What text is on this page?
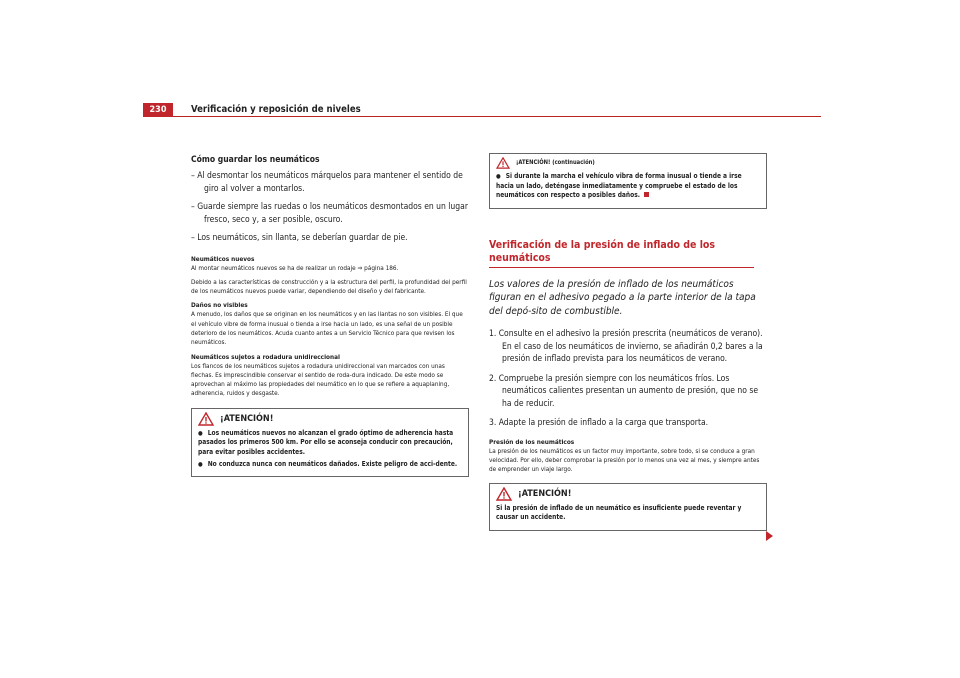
230	Verificación y reposición de niveles

Cómo guardar los neumáticos

– Al desmontar los neumáticos márquelos para mantener el sentido de giro al volver a montarlos.

– Guarde siempre las ruedas o los neumáticos desmontados en un lugar fresco, seco y, a ser posible, oscuro.

– Los neumáticos, sin llanta, se deberían guardar de pie.

Neumáticos nuevos

Al montar neumáticos nuevos se ha de realizar un rodaje ⇒ página 186.

Debido a las características de construcción y a la estructura del perfil, la profundidad del perfil de los neumáticos nuevos puede variar, dependiendo del diseño y del fabricante.

Daños no visibles

A menudo, los daños que se originan en los neumáticos y en las llantas no son visibles. El que el vehículo vibre de forma inusual o tienda a irse hacia un lado, es una señal de un posible deterioro de los neumáticos. Acuda cuanto antes a un Servicio Técnico para que revisen los neumáticos.

Neumáticos sujetos a rodadura unidireccional

Los flancos de los neumáticos sujetos a rodadura unidireccional van marcados con unas flechas. Es imprescindible conservar el sentido de roda-dura indicado. De este modo se aprovechan al máximo las propiedades del neumático en lo que se refiere a aquaplaning, adherencia, ruidos y desgaste.

¡ATENCIÓN!

● Los neumáticos nuevos no alcanzan el grado óptimo de adherencia hasta pasados los primeros 500 km. Por ello se aconseja conducir con precaución, para evitar posibles accidentes.

● No conduzca nunca con neumáticos dañados. Existe peligro de acci-dente.

¡ATENCIÓN! (continuación)

● Si durante la marcha el vehículo vibra de forma inusual o tiende a irse hacia un lado, deténgase inmediatamente y compruebe el estado de los neumáticos con respecto a posibles daños.

Verificación de la presión de inflado de los neumáticos

Los valores de la presión de inflado de los neumáticos figuran en el adhesivo pegado a la parte interior de la tapa del depó-sito de combustible.

1. Consulte en el adhesivo la presión prescrita (neumáticos de verano). En el caso de los neumáticos de invierno, se añadirán 0,2 bares a la presión de inflado prevista para los neumáticos de verano.

2. Compruebe la presión siempre con los neumáticos fríos. Los neumáticos calientes presentan un aumento de presión, que no se ha de reducir.

3. Adapte la presión de inflado a la carga que transporta.

Presión de los neumáticos

La presión de los neumáticos es un factor muy importante, sobre todo, si se conduce a gran velocidad. Por ello, deber comprobar la presión por lo menos una vez al mes, y siempre antes de emprender un viaje largo.

¡ATENCIÓN!

Si la presión de inflado de un neumático es insuficiente puede reventar y causar un accidente.
